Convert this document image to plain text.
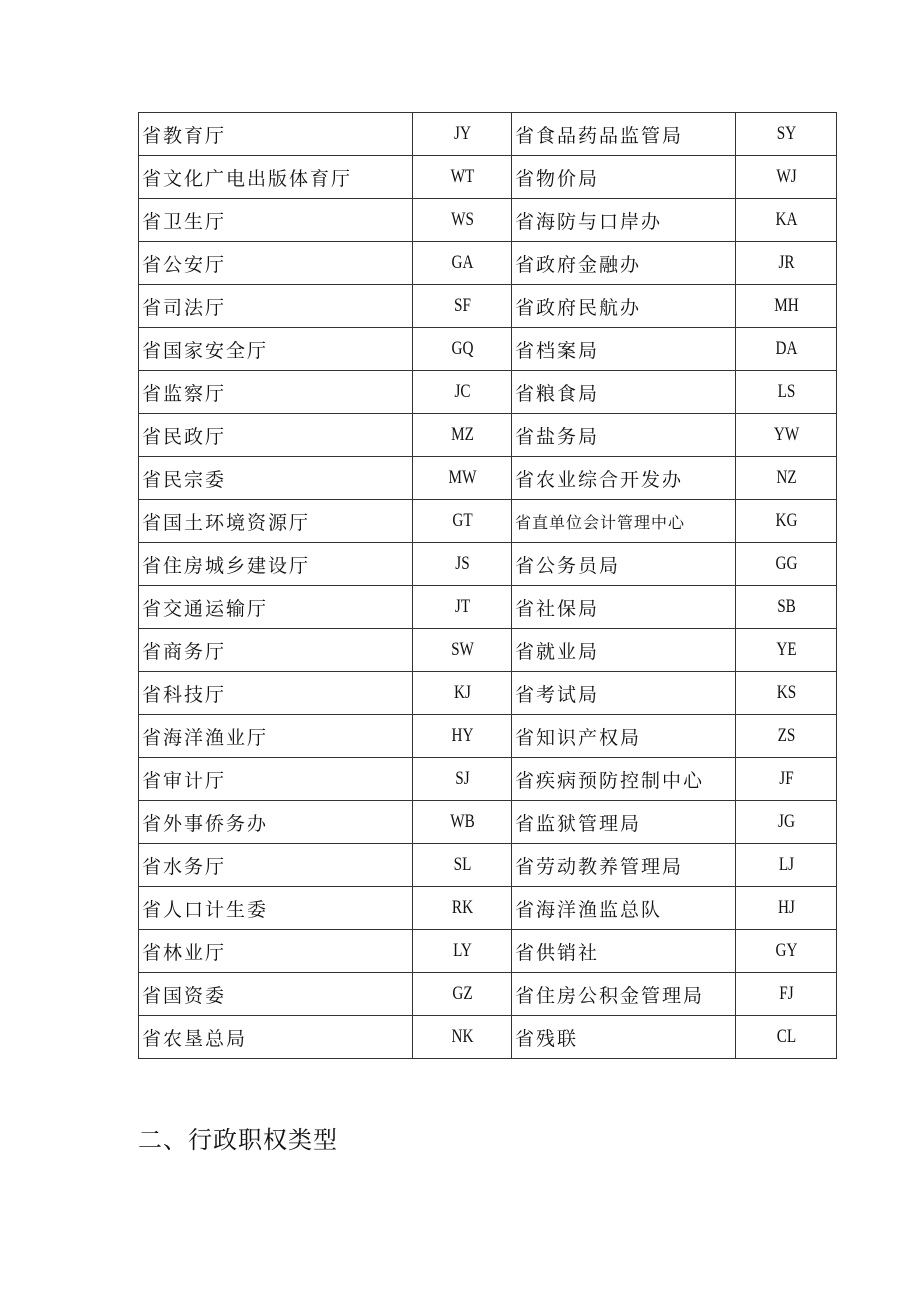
省教育厅	JY	省食品药品监管局	SY
省文化广电出版体育厅	WT	省物价局	WJ
省卫生厅	WS	省海防与口岸办	KA
省公安厅	GA	省政府金融办	JR
省司法厅	SF	省政府民航办	MH
省国家安全厅	GQ	省档案局	DA
省监察厅	JC	省粮食局	LS
省民政厅	MZ	省盐务局	YW
省民宗委	MW	省农业综合开发办	NZ
省国土环境资源厅	GT	省直单位会计管理中心	KG
省住房城乡建设厅	JS	省公务员局	GG
省交通运输厅	JT	省社保局	SB
省商务厅	SW	省就业局	YE
省科技厅	KJ	省考试局	KS
省海洋渔业厅	HY	省知识产权局	ZS
省审计厅	SJ	省疾病预防控制中心	JF
省外事侨务办	WB	省监狱管理局	JG
省水务厅	SL	省劳动教养管理局	LJ
省人口计生委	RK	省海洋渔监总队	HJ
省林业厅	LY	省供销社	GY
省国资委	GZ	省住房公积金管理局	FJ
省农垦总局	NK	省残联	CL
二、行政职权类型
